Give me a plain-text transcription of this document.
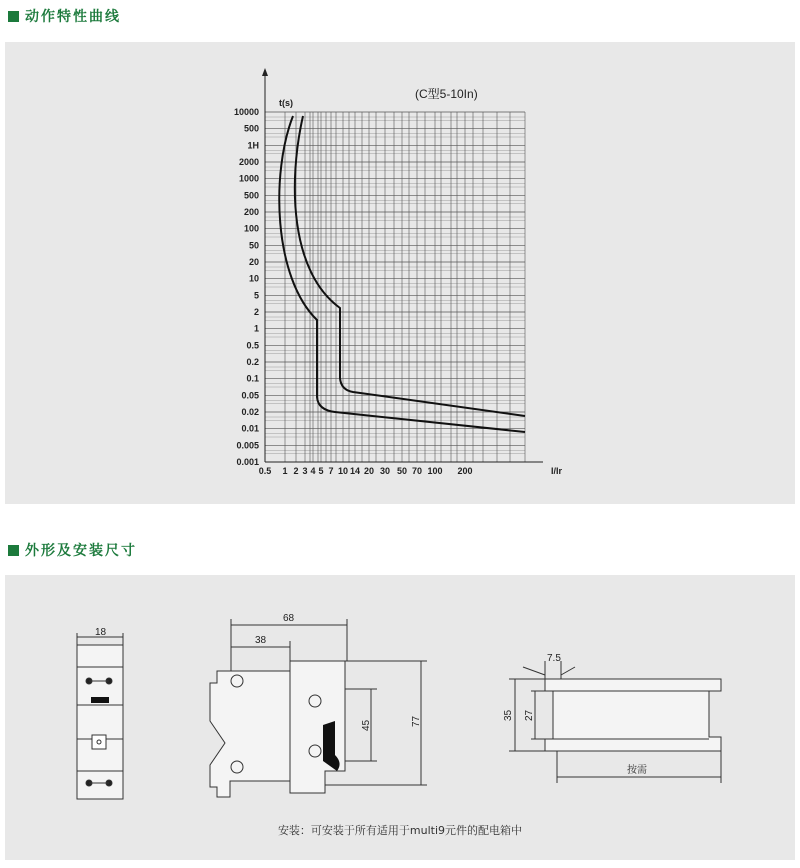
动作特性曲线
10000
500
1H
2000
1000
500
200
100
50
20
10
5
2
1
0.5
0.2
0.1
0.05
0.02
0.01
0.005
0.001
0.5 1 2 3 4 5 7 10 14 20 30 50 70 100 200
t(s)
I/Ir
(C型5-10In)
外形及安装尺寸
18
68
38
45	77
7.5
35 27
按需
安装：可安装于所有适用于multi9元件的配电箱中
